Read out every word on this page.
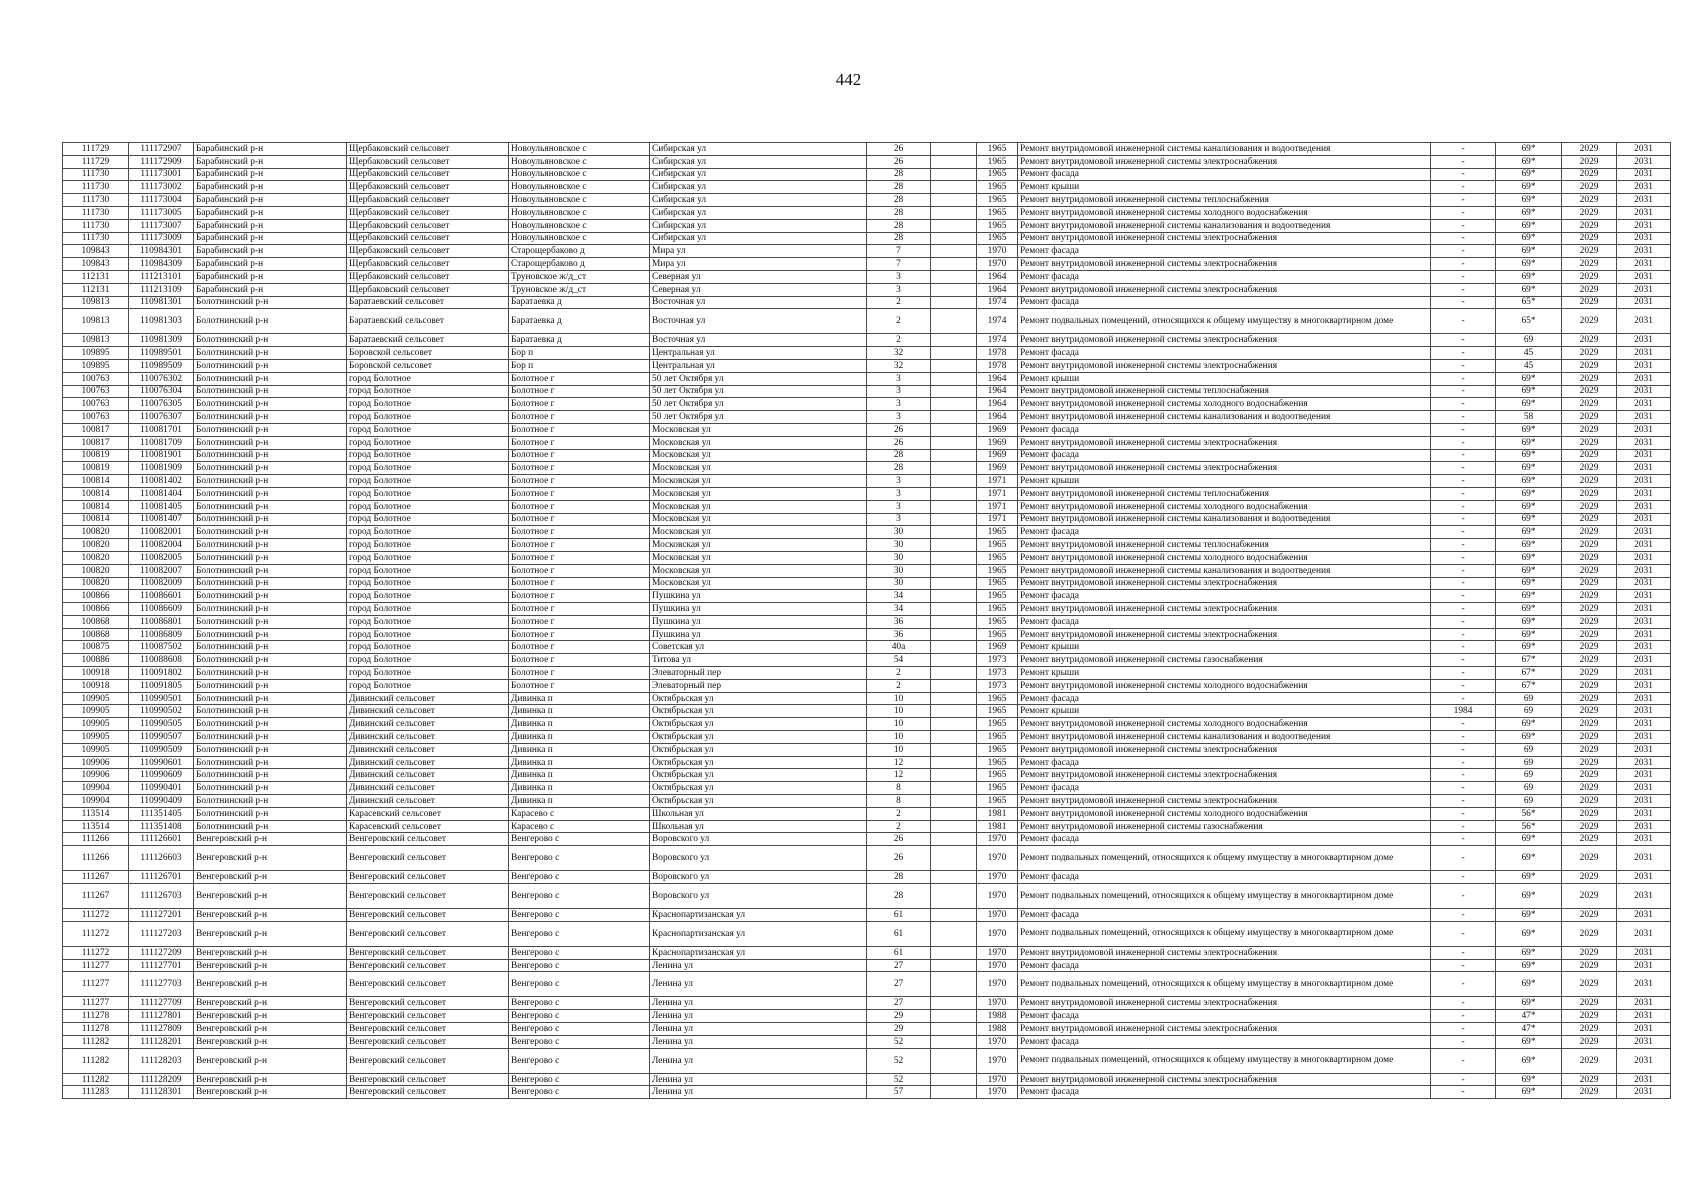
442
111729	111172907	Барабинский р-н	Щербаковский сельсовет	Новоульяновское с	Сибирская ул	26		1965	Ремонт внутридомовой инженерной системы канализования и водоотведения	-	69*	2029	2031
111729	111172909	Барабинский р-н	Щербаковский сельсовет	Новоульяновское с	Сибирская ул	26		1965	Ремонт внутридомовой инженерной системы электроснабжения	-	69*	2029	2031
111730	111173001	Барабинский р-н	Щербаковский сельсовет	Новоульяновское с	Сибирская ул	28		1965	Ремонт фасада	-	69*	2029	2031
111730	111173002	Барабинский р-н	Щербаковский сельсовет	Новоульяновское с	Сибирская ул	28		1965	Ремонт крыши	-	69*	2029	2031
111730	111173004	Барабинский р-н	Щербаковский сельсовет	Новоульяновское с	Сибирская ул	28		1965	Ремонт внутридомовой инженерной системы теплоснабжения	-	69*	2029	2031
111730	111173005	Барабинский р-н	Щербаковский сельсовет	Новоульяновское с	Сибирская ул	28		1965	Ремонт внутридомовой инженерной системы холодного водоснабжения	-	69*	2029	2031
111730	111173007	Барабинский р-н	Щербаковский сельсовет	Новоульяновское с	Сибирская ул	28		1965	Ремонт внутридомовой инженерной системы канализования и водоотведения	-	69*	2029	2031
111730	111173009	Барабинский р-н	Щербаковский сельсовет	Новоульяновское с	Сибирская ул	28		1965	Ремонт внутридомовой инженерной системы электроснабжения	-	69*	2029	2031
109843	110984301	Барабинский р-н	Щербаковский сельсовет	Старощербаково д	Мира ул	7		1970	Ремонт фасада	-	69*	2029	2031
109843	110984309	Барабинский р-н	Щербаковский сельсовет	Старощербаково д	Мира ул	7		1970	Ремонт внутридомовой инженерной системы электроснабжения	-	69*	2029	2031
112131	111213101	Барабинский р-н	Щербаковский сельсовет	Труновское ж/д_ст	Северная ул	3		1964	Ремонт фасада	-	69*	2029	2031
112131	111213109	Барабинский р-н	Щербаковский сельсовет	Труновское ж/д_ст	Северная ул	3		1964	Ремонт внутридомовой инженерной системы электроснабжения	-	69*	2029	2031
109813	110981301	Болотнинский р-н	Баратаевский сельсовет	Баратаевка д	Восточная ул	2		1974	Ремонт фасада	-	65*	2029	2031
109813	110981303	Болотнинский р-н	Баратаевский сельсовет	Баратаевка д	Восточная ул	2		1974	Ремонт подвальных помещений, относящихся к общему имуществу в многоквартирном доме	-	65*	2029	2031
109813	110981309	Болотнинский р-н	Баратаевский сельсовет	Баратаевка д	Восточная ул	2		1974	Ремонт внутридомовой инженерной системы электроснабжения	-	69	2029	2031
109895	110989501	Болотнинский р-н	Боровской сельсовет	Бор п	Центральная ул	32		1978	Ремонт фасада	-	45	2029	2031
109895	110989509	Болотнинский р-н	Боровской сельсовет	Бор п	Центральная ул	32		1978	Ремонт внутридомовой инженерной системы электроснабжения	-	45	2029	2031
100763	110076302	Болотнинский р-н	город Болотное	Болотное г	50 лет Октября ул	3		1964	Ремонт крыши	-	69*	2029	2031
100763	110076304	Болотнинский р-н	город Болотное	Болотное г	50 лет Октября ул	3		1964	Ремонт внутридомовой инженерной системы теплоснабжения	-	69*	2029	2031
100763	110076305	Болотнинский р-н	город Болотное	Болотное г	50 лет Октября ул	3		1964	Ремонт внутридомовой инженерной системы холодного водоснабжения	-	69*	2029	2031
100763	110076307	Болотнинский р-н	город Болотное	Болотное г	50 лет Октября ул	3		1964	Ремонт внутридомовой инженерной системы канализования и водоотведения	-	58	2029	2031
100817	110081701	Болотнинский р-н	город Болотное	Болотное г	Московская ул	26		1969	Ремонт фасада	-	69*	2029	2031
100817	110081709	Болотнинский р-н	город Болотное	Болотное г	Московская ул	26		1969	Ремонт внутридомовой инженерной системы электроснабжения	-	69*	2029	2031
100819	110081901	Болотнинский р-н	город Болотное	Болотное г	Московская ул	28		1969	Ремонт фасада	-	69*	2029	2031
100819	110081909	Болотнинский р-н	город Болотное	Болотное г	Московская ул	28		1969	Ремонт внутридомовой инженерной системы электроснабжения	-	69*	2029	2031
100814	110081402	Болотнинский р-н	город Болотное	Болотное г	Московская ул	3		1971	Ремонт крыши	-	69*	2029	2031
100814	110081404	Болотнинский р-н	город Болотное	Болотное г	Московская ул	3		1971	Ремонт внутридомовой инженерной системы теплоснабжения	-	69*	2029	2031
100814	110081405	Болотнинский р-н	город Болотное	Болотное г	Московская ул	3		1971	Ремонт внутридомовой инженерной системы холодного водоснабжения	-	69*	2029	2031
100814	110081407	Болотнинский р-н	город Болотное	Болотное г	Московская ул	3		1971	Ремонт внутридомовой инженерной системы канализования и водоотведения	-	69*	2029	2031
100820	110082001	Болотнинский р-н	город Болотное	Болотное г	Московская ул	30		1965	Ремонт фасада	-	69*	2029	2031
100820	110082004	Болотнинский р-н	город Болотное	Болотное г	Московская ул	30		1965	Ремонт внутридомовой инженерной системы теплоснабжения	-	69*	2029	2031
100820	110082005	Болотнинский р-н	город Болотное	Болотное г	Московская ул	30		1965	Ремонт внутридомовой инженерной системы холодного водоснабжения	-	69*	2029	2031
100820	110082007	Болотнинский р-н	город Болотное	Болотное г	Московская ул	30		1965	Ремонт внутридомовой инженерной системы канализования и водоотведения	-	69*	2029	2031
100820	110082009	Болотнинский р-н	город Болотное	Болотное г	Московская ул	30		1965	Ремонт внутридомовой инженерной системы электроснабжения	-	69*	2029	2031
100866	110086601	Болотнинский р-н	город Болотное	Болотное г	Пушкина ул	34		1965	Ремонт фасада	-	69*	2029	2031
100866	110086609	Болотнинский р-н	город Болотное	Болотное г	Пушкина ул	34		1965	Ремонт внутридомовой инженерной системы электроснабжения	-	69*	2029	2031
100868	110086801	Болотнинский р-н	город Болотное	Болотное г	Пушкина ул	36		1965	Ремонт фасада	-	69*	2029	2031
100868	110086809	Болотнинский р-н	город Болотное	Болотное г	Пушкина ул	36		1965	Ремонт внутридомовой инженерной системы электроснабжения	-	69*	2029	2031
100875	110087502	Болотнинский р-н	город Болотное	Болотное г	Советская ул	40а		1969	Ремонт крыши	-	69*	2029	2031
100886	110088608	Болотнинский р-н	город Болотное	Болотное г	Титова ул	54		1973	Ремонт внутридомовой инженерной системы газоснабжения	-	67*	2029	2031
100918	110091802	Болотнинский р-н	город Болотное	Болотное г	Элеваторный пер	2		1973	Ремонт крыши	-	67*	2029	2031
100918	110091805	Болотнинский р-н	город Болотное	Болотное г	Элеваторный пер	2		1973	Ремонт внутридомовой инженерной системы холодного водоснабжения	-	67*	2029	2031
109905	110990501	Болотнинский р-н	Дивинский сельсовет	Дивинка п	Октябрьская ул	10		1965	Ремонт фасада	-	69	2029	2031
109905	110990502	Болотнинский р-н	Дивинский сельсовет	Дивинка п	Октябрьская ул	10		1965	Ремонт крыши	1984	69	2029	2031
109905	110990505	Болотнинский р-н	Дивинский сельсовет	Дивинка п	Октябрьская ул	10		1965	Ремонт внутридомовой инженерной системы холодного водоснабжения	-	69*	2029	2031
109905	110990507	Болотнинский р-н	Дивинский сельсовет	Дивинка п	Октябрьская ул	10		1965	Ремонт внутридомовой инженерной системы канализования и водоотведения	-	69*	2029	2031
109905	110990509	Болотнинский р-н	Дивинский сельсовет	Дивинка п	Октябрьская ул	10		1965	Ремонт внутридомовой инженерной системы электроснабжения	-	69	2029	2031
109906	110990601	Болотнинский р-н	Дивинский сельсовет	Дивинка п	Октябрьская ул	12		1965	Ремонт фасада	-	69	2029	2031
109906	110990609	Болотнинский р-н	Дивинский сельсовет	Дивинка п	Октябрьская ул	12		1965	Ремонт внутридомовой инженерной системы электроснабжения	-	69	2029	2031
109904	110990401	Болотнинский р-н	Дивинский сельсовет	Дивинка п	Октябрьская ул	8		1965	Ремонт фасада	-	69	2029	2031
109904	110990409	Болотнинский р-н	Дивинский сельсовет	Дивинка п	Октябрьская ул	8		1965	Ремонт внутридомовой инженерной системы электроснабжения	-	69	2029	2031
113514	111351405	Болотнинский р-н	Карасевский сельсовет	Карасево с	Школьная ул	2		1981	Ремонт внутридомовой инженерной системы холодного водоснабжения	-	56*	2029	2031
113514	111351408	Болотнинский р-н	Карасевский сельсовет	Карасево с	Школьная ул	2		1981	Ремонт внутридомовой инженерной системы газоснабжения	-	56*	2029	2031
111266	111126601	Венгеровский р-н	Венгеровский сельсовет	Венгерово с	Воровского ул	26		1970	Ремонт фасада	-	69*	2029	2031
111266	111126603	Венгеровский р-н	Венгеровский сельсовет	Венгерово с	Воровского ул	26		1970	Ремонт подвальных помещений, относящихся к общему имуществу в многоквартирном доме	-	69*	2029	2031
111267	111126701	Венгеровский р-н	Венгеровский сельсовет	Венгерово с	Воровского ул	28		1970	Ремонт фасада	-	69*	2029	2031
111267	111126703	Венгеровский р-н	Венгеровский сельсовет	Венгерово с	Воровского ул	28		1970	Ремонт подвальных помещений, относящихся к общему имуществу в многоквартирном доме	-	69*	2029	2031
111272	111127201	Венгеровский р-н	Венгеровский сельсовет	Венгерово с	Краснопартизанская ул	61		1970	Ремонт фасада	-	69*	2029	2031
111272	111127203	Венгеровский р-н	Венгеровский сельсовет	Венгерово с	Краснопартизанская ул	61		1970	Ремонт подвальных помещений, относящихся к общему имуществу в многоквартирном доме	-	69*	2029	2031
111272	111127209	Венгеровский р-н	Венгеровский сельсовет	Венгерово с	Краснопартизанская ул	61		1970	Ремонт внутридомовой инженерной системы электроснабжения	-	69*	2029	2031
111277	111127701	Венгеровский р-н	Венгеровский сельсовет	Венгерово с	Ленина ул	27		1970	Ремонт фасада	-	69*	2029	2031
111277	111127703	Венгеровский р-н	Венгеровский сельсовет	Венгерово с	Ленина ул	27		1970	Ремонт подвальных помещений, относящихся к общему имуществу в многоквартирном доме	-	69*	2029	2031
111277	111127709	Венгеровский р-н	Венгеровский сельсовет	Венгерово с	Ленина ул	27		1970	Ремонт внутридомовой инженерной системы электроснабжения	-	69*	2029	2031
111278	111127801	Венгеровский р-н	Венгеровский сельсовет	Венгерово с	Ленина ул	29		1988	Ремонт фасада	-	47*	2029	2031
111278	111127809	Венгеровский р-н	Венгеровский сельсовет	Венгерово с	Ленина ул	29		1988	Ремонт внутридомовой инженерной системы электроснабжения	-	47*	2029	2031
111282	111128201	Венгеровский р-н	Венгеровский сельсовет	Венгерово с	Ленина ул	52		1970	Ремонт фасада	-	69*	2029	2031
111282	111128203	Венгеровский р-н	Венгеровский сельсовет	Венгерово с	Ленина ул	52		1970	Ремонт подвальных помещений, относящихся к общему имуществу в многоквартирном доме	-	69*	2029	2031
111282	111128209	Венгеровский р-н	Венгеровский сельсовет	Венгерово с	Ленина ул	52		1970	Ремонт внутридомовой инженерной системы электроснабжения	-	69*	2029	2031
111283	111128301	Венгеровский р-н	Венгеровский сельсовет	Венгерово с	Ленина ул	57		1970	Ремонт фасада	-	69*	2029	2031
